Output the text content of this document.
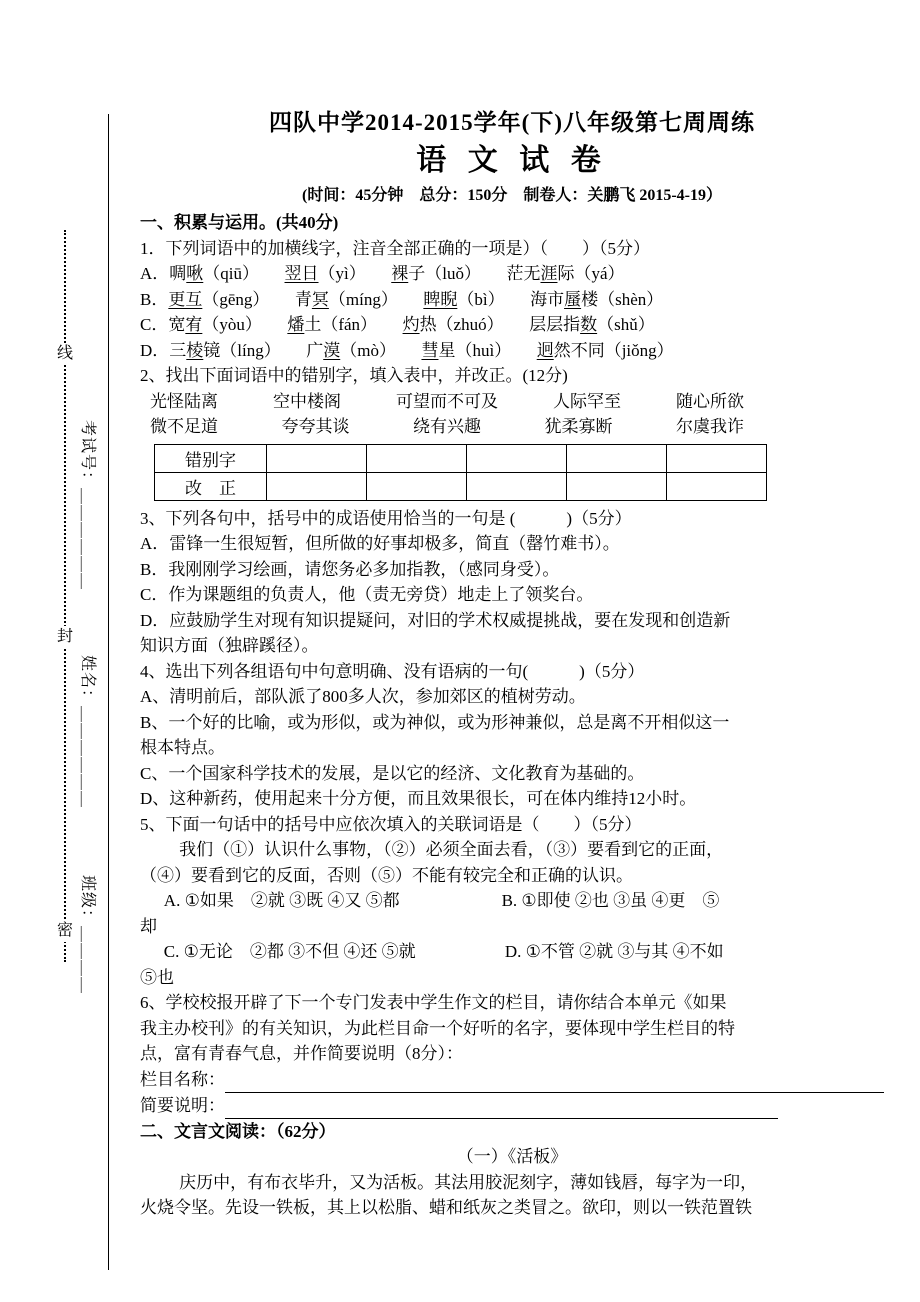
线
封
密
考试号：＿＿＿＿＿＿
姓名：＿＿＿＿＿＿
班级：＿＿＿＿
四队中学2014-2015学年(下)八年级第七周周练
语 文 试 卷
(时间：45分钟　总分：150分　制卷人：关鹏飞 2015-4-19）
一、积累与运用。(共40分)
1．下列词语中的加横线字，注音全部正确的一项是）（　　）（5分）
A．啁啾（qiū）　　翌日（yì）　　裸子（luǒ）　　茫无涯际（yá）
B．更互（gēng）　　青冥（míng）　　睥睨（bì）　　海市蜃楼（shèn）
C．宽宥（yòu）　　燔土（fán）　　灼热（zhuó）　　层层指数（shǔ）
D．三棱镜（líng）　　广漠（mò）　　彗星（huì）　　迥然不同（jiǒng）
2、找出下面词语中的错别字，填入表中，并改正。(12分)
光怪陆离	空中楼阁	可望而不可及	人际罕至	随心所欲
微不足道	夸夸其谈	绕有兴趣	犹柔寡断	尔虞我诈
错别字					
改　正					
3、下列各句中，括号中的成语使用恰当的一句是 (　　　)（5分）
A．雷锋一生很短暂，但所做的好事却极多，简直（罄竹难书）。
B．我刚刚学习绘画，请您务必多加指教，（感同身受）。
C．作为课题组的负责人，他（责无旁贷）地走上了领奖台。
D．应鼓励学生对现有知识提疑问，对旧的学术权威提挑战，要在发现和创造新
知识方面（独辟蹊径）。
4、选出下列各组语句中句意明确、没有语病的一句(　　　)（5分）
A、清明前后，部队派了800多人次，参加郊区的植树劳动。
B、一个好的比喻，或为形似，或为神似，或为形神兼似，总是离不开相似这一
根本特点。
C、一个国家科学技术的发展，是以它的经济、文化教育为基础的。
D、这种新药，使用起来十分方便，而且效果很长，可在体内维持12小时。
5、下面一句话中的括号中应依次填入的关联词语是（　　）（5分）
我们（①）认识什么事物，（②）必须全面去看，（③）要看到它的正面，
（④）要看到它的反面，否则（⑤）不能有较完全和正确的认识。
A. ①如果　②就 ③既 ④又 ⑤都　　　　　　B. ①即使 ②也 ③虽 ④更　⑤
却
C. ①无论　②都 ③不但 ④还 ⑤就　　　　　 D. ①不管 ②就 ③与其 ④不如
⑤也
6、学校校报开辟了下一个专门发表中学生作文的栏目，请你结合本单元《如果
我主办校刊》的有关知识，为此栏目命一个好听的名字，要体现中学生栏目的特
点，富有青春气息，并作简要说明（8分）：
栏目名称：
简要说明：
二、文言文阅读：（62分）
（一）《活板》
庆历中，有布衣毕升，又为活板。其法用胶泥刻字，薄如钱唇，每字为一印，
火烧令坚。先设一铁板，其上以松脂、蜡和纸灰之类冒之。欲印，则以一铁范置铁
